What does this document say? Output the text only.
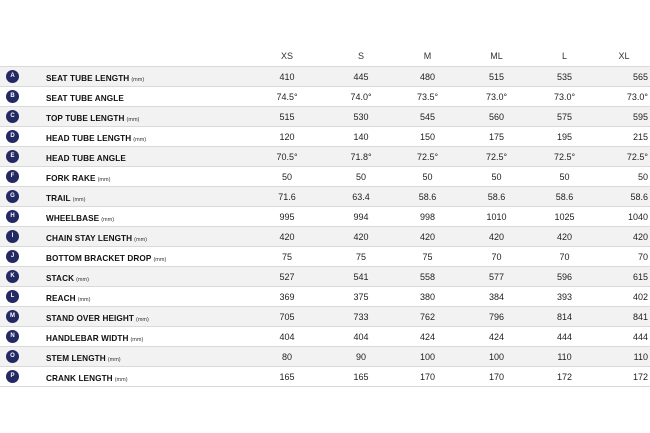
	XS	S	M	ML	L	XL
A SEAT TUBE LENGTH (mm)	410	445	480	515	535	565
B SEAT TUBE ANGLE	74.5°	74.0°	73.5°	73.0°	73.0°	73.0°
C TOP TUBE LENGTH (mm)	515	530	545	560	575	595
D HEAD TUBE LENGTH (mm)	120	140	150	175	195	215
E HEAD TUBE ANGLE	70.5°	71.8°	72.5°	72.5°	72.5°	72.5°
F FORK RAKE (mm)	50	50	50	50	50	50
G TRAIL (mm)	71.6	63.4	58.6	58.6	58.6	58.6
H WHEELBASE (mm)	995	994	998	1010	1025	1040
I CHAIN STAY LENGTH (mm)	420	420	420	420	420	420
J BOTTOM BRACKET DROP (mm)	75	75	75	70	70	70
K STACK (mm)	527	541	558	577	596	615
L REACH (mm)	369	375	380	384	393	402
M STAND OVER HEIGHT (mm)	705	733	762	796	814	841
N HANDLEBAR WIDTH (mm)	404	404	424	424	444	444
O STEM LENGTH (mm)	80	90	100	100	110	110
P CRANK LENGTH (mm)	165	165	170	170	172	172
